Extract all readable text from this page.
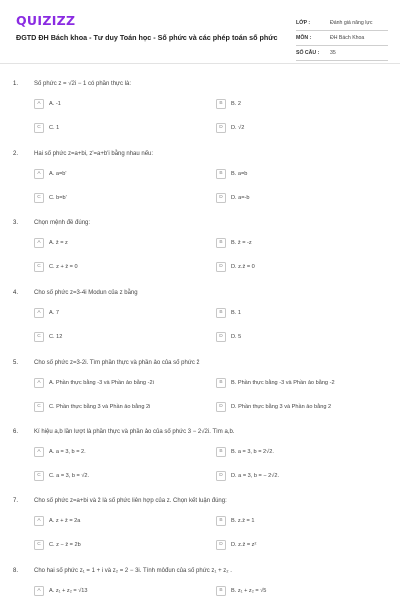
QUIZIZZ
ĐGTD ĐH Bách khoa - Tư duy Toán học - Số phức và các phép toán số phức
LỚP :	Đánh giá năng lực
MÔN :	ĐH Bách Khoa
SỐ CÂU :	35
1.	Số phức z = √2i − 1 có phần thực là:
A	A. -1	B	B. 2
C	C. 1	D	D. √2
2.	Hai số phức z=a+bi, z'=a+b'i bằng nhau nếu:
A	A. a=b'	B	B. a=b
C	C. b=b'	D	D. a=-b
3.	Chọn mệnh đề đúng:
A	A. z̄ = z	B	B. z̄ = -z
C	C. z + z̄ = 0	D	D. z.z̄ = 0
4.	Cho số phức z=3-4i Modun của z bằng
A	A. 7	B	B. 1
C	C. 12	D	D. 5
5.	Cho số phức z=3-2i. Tìm phần thực và phần ảo của số phức z̄
A	A. Phần thực bằng -3 và Phần ảo bằng -2i	B	B. Phần thực bằng -3 và Phần ảo bằng -2
C	C. Phần thực bằng 3 và Phần ảo bằng 2i	D	D. Phần thực bằng 3 và Phần ảo bằng 2
6.	Kí hiệu a,b lần lượt là phần thực và phần ảo của số phức 3 − 2√2i. Tìm a,b.
A	A. a = 3, b = 2.	B	B. a = 3, b = 2√2.
C	C. a = 3, b = √2.	D	D. a = 3, b = − 2√2.
7.	Cho số phức z=a+bi và z̄ là số phức liên hợp của z. Chọn kết luận đúng:
A	A. z + z̄ = 2a	B	B. z.z̄ = 1
C	C. z − z̄ = 2b	D	D. z.z̄ = z²
8.	Cho hai số phức z₁ = 1 + i và z₂ = 2 − 3i. Tính môđun của số phức z₁ + z₂ .
A	A. z₁ + z₂ = √13	B	B. z₁ + z₂ = √5
